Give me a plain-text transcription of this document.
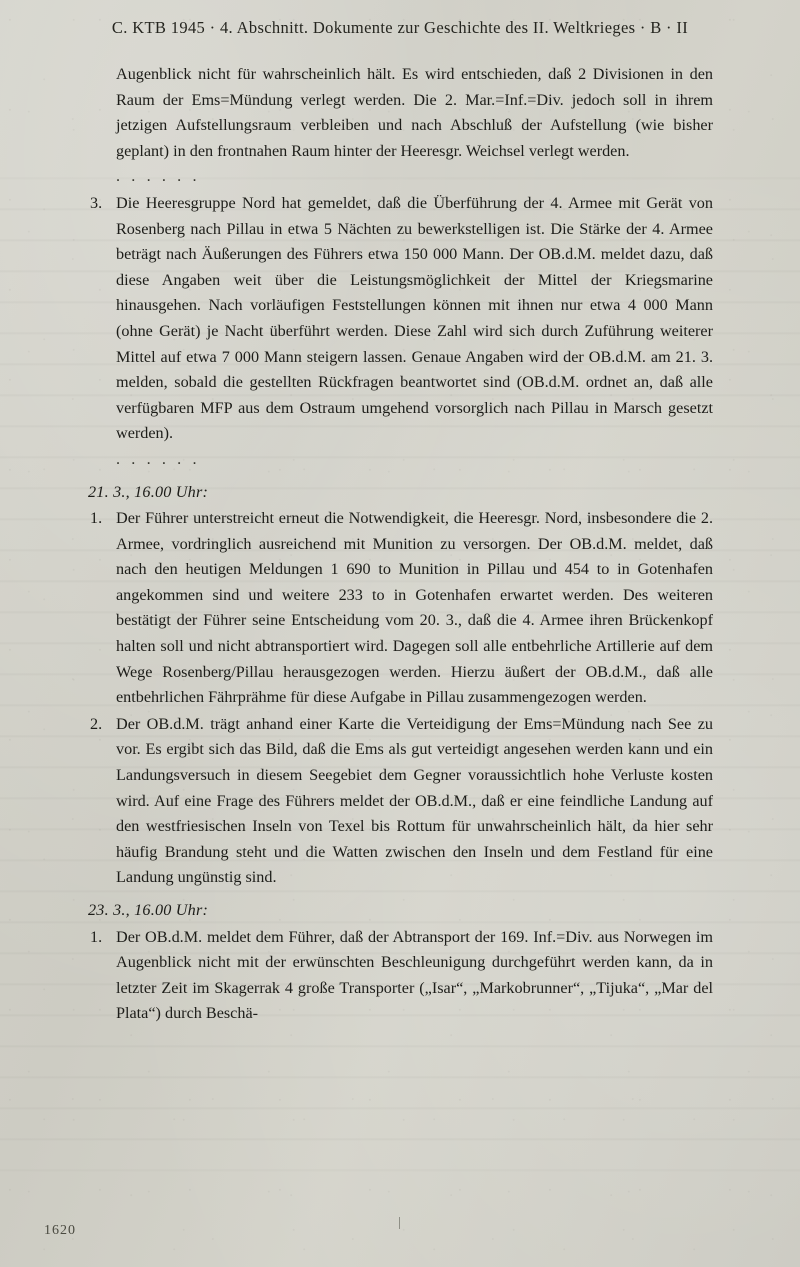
C. KTB 1945 · 4. Abschnitt. Dokumente zur Geschichte des II. Weltkrieges · B · II

Augenblick nicht für wahrscheinlich hält. Es wird entschieden, daß 2 Divisionen in den Raum der Ems=Mündung verlegt werden. Die 2. Mar.=Inf.=Div. jedoch soll in ihrem jetzigen Aufstellungsraum verbleiben und nach Abschluß der Aufstellung (wie bisher geplant) in den frontnahen Raum hinter der Heeresgr. Weichsel verlegt werden.

. . . . . .

3. Die Heeresgruppe Nord hat gemeldet, daß die Überführung der 4. Armee mit Gerät von Rosenberg nach Pillau in etwa 5 Nächten zu bewerkstelligen ist. Die Stärke der 4. Armee beträgt nach Äußerungen des Führers etwa 150 000 Mann. Der OB.d.M. meldet dazu, daß diese Angaben weit über die Leistungsmöglichkeit der Mittel der Kriegsmarine hinausgehen. Nach vorläufigen Feststellungen können mit ihnen nur etwa 4 000 Mann (ohne Gerät) je Nacht überführt werden. Diese Zahl wird sich durch Zuführung weiterer Mittel auf etwa 7 000 Mann steigern lassen. Genaue Angaben wird der OB.d.M. am 21. 3. melden, sobald die gestellten Rückfragen beantwortet sind (OB.d.M. ordnet an, daß alle verfügbaren MFP aus dem Ostraum umgehend vorsorglich nach Pillau in Marsch gesetzt werden).

. . . . . .

21. 3., 16.00 Uhr:

1. Der Führer unterstreicht erneut die Notwendigkeit, die Heeresgr. Nord, insbesondere die 2. Armee, vordringlich ausreichend mit Munition zu versorgen. Der OB.d.M. meldet, daß nach den heutigen Meldungen 1 690 to Munition in Pillau und 454 to in Gotenhafen angekommen sind und weitere 233 to in Gotenhafen erwartet werden. Des weiteren bestätigt der Führer seine Entscheidung vom 20. 3., daß die 4. Armee ihren Brückenkopf halten soll und nicht abtransportiert wird. Dagegen soll alle entbehrliche Artillerie auf dem Wege Rosenberg/Pillau herausgezogen werden. Hierzu äußert der OB.d.M., daß alle entbehrlichen Fährprähme für diese Aufgabe in Pillau zusammengezogen werden.
2. Der OB.d.M. trägt anhand einer Karte die Verteidigung der Ems=Mündung nach See zu vor. Es ergibt sich das Bild, daß die Ems als gut verteidigt angesehen werden kann und ein Landungsversuch in diesem Seegebiet dem Gegner voraussichtlich hohe Verluste kosten wird. Auf eine Frage des Führers meldet der OB.d.M., daß er eine feindliche Landung auf den westfriesischen Inseln von Texel bis Rottum für unwahrscheinlich hält, da hier sehr häufig Brandung steht und die Watten zwischen den Inseln und dem Festland für eine Landung ungünstig sind.

23. 3., 16.00 Uhr:

1. Der OB.d.M. meldet dem Führer, daß der Abtransport der 169. Inf.=Div. aus Norwegen im Augenblick nicht mit der erwünschten Beschleunigung durchgeführt werden kann, da in letzter Zeit im Skagerrak 4 große Transporter („Isar“, „Markobrunner“, „Tijuka“, „Mar del Plata“) durch Beschä-
1620
